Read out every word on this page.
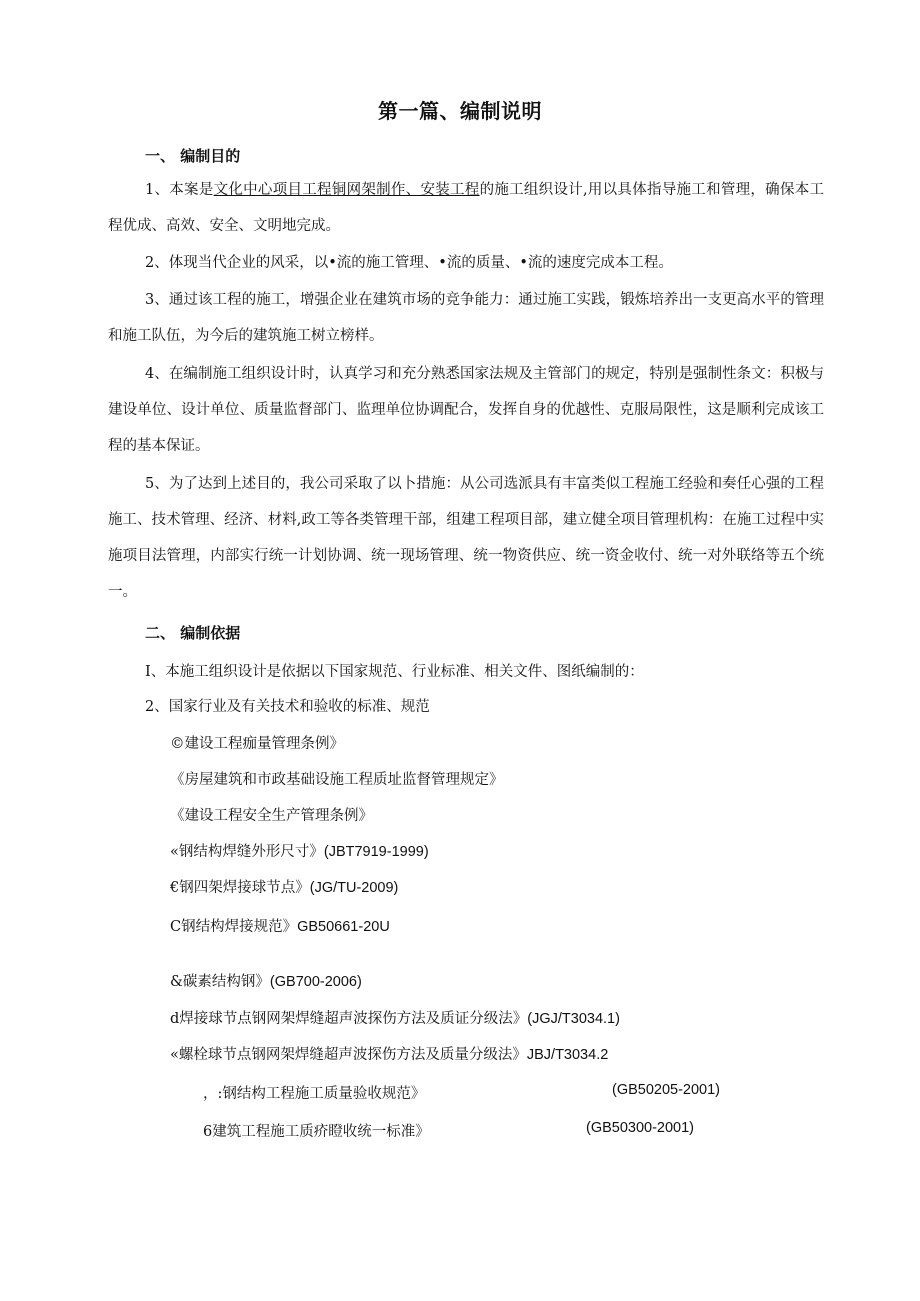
第一篇、编制说明
一、 编制目的
1、本案是文化中心项目工程铜网架制作、安装工程的施工组织设计,用以具体指导施工和管理，确保本工程优成、高效、安全、文明地完成。
2、体现当代企业的风采，以•流的施工管理、•流的质量、•流的速度完成本工程。
3、通过该工程的施工，增强企业在建筑市场的竞争能力：通过施工实践，锻炼培养出一支更高水平的管理和施工队伍，为今后的建筑施工树立榜样。
4、在编制施工组织设计时，认真学习和充分熟悉国家法规及主管部门的规定，特别是强制性条文：积极与建设单位、设计单位、质量监督部门、监理单位协调配合，发挥自身的优越性、克服局限性，这是顺利完成该工程的基本保证。
5、为了达到上述目的，我公司采取了以卜措施：从公司选派具有丰富类似工程施工经验和奏任心强的工程施工、技术管理、经济、材料,政工等各类管理干部，组建工程项目部，建立健全项目管理机构：在施工过程中实施项目法管理，内部实行统一计划协调、统一现场管理、统一物资供应、统一资金收付、统一对外联络等五个统一。
二、 编制依据
I、本施工组织设计是依据以下国家规范、行业标准、相关文件、图纸编制的：
2、国家行业及有关技术和验收的标准、规范
©建设工程痂量管理条例》
《房屋建筑和市政基础设施工程质址监督管理规定》
《建设工程安全生产管理条例》
«钢结构焊缝外形尺寸》(JBT7919-1999)
€钢四架焊接球节点》(JG/TU-2009)
C钢结构焊接规范》GB50661-20U
&碳素结构钢》(GB700-2006)
d焊接球节点钢网架焊缝超声波探伤方法及质证分级法》(JGJ/T3034.1)
«螺栓球节点钢网架焊缝超声波探伤方法及质量分级法》JBJ/T3034.2
，:钢结构工程施工质量验收规范》	(GB50205-2001)
6建筑工程施工质疥瞪收统一标准》	(GB50300-2001)
